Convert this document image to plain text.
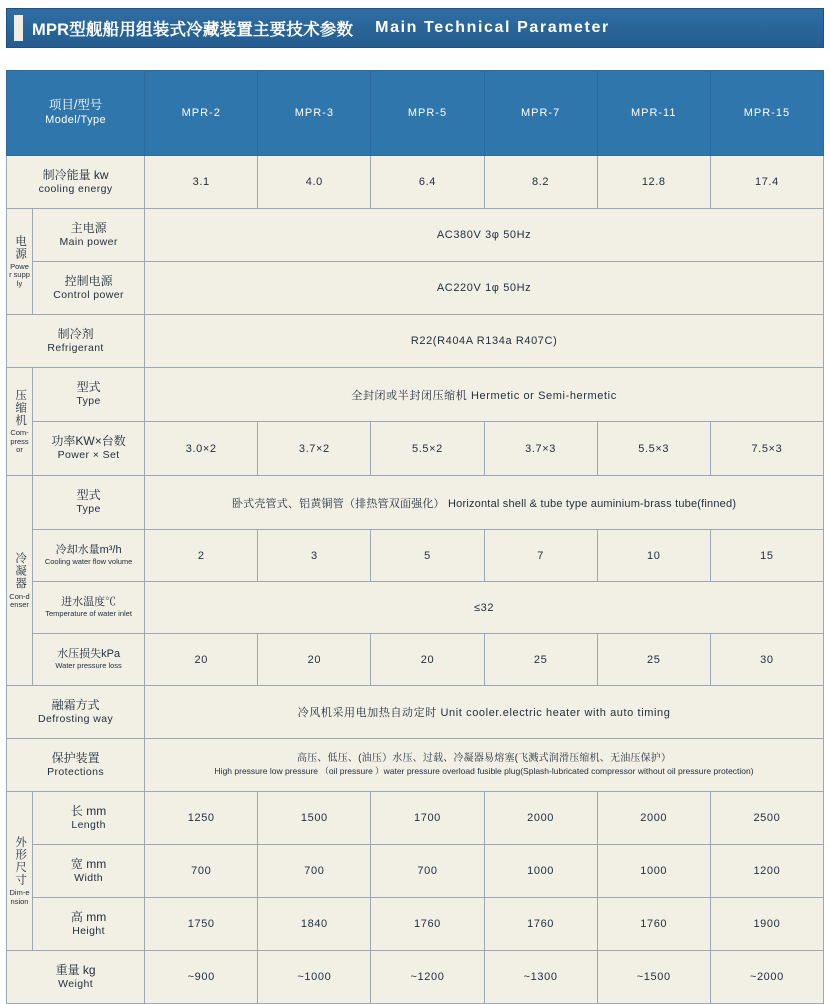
MPR型舰船用组装式冷藏装置主要技术参数 Main Technical Parameter
项目/型号
Model/Type		MPR-2	MPR-3	MPR-5	MPR-7	MPR-11	MPR-15

制冷能量 kw
cooling energy		3.1	4.0	6.4	8.2	12.8	17.4

电源
Power supply	主电源
Main power	AC380V 3φ 50Hz					

	控制电源
Control power	AC220V 1φ 50Hz					

制冷剂
Refrigerant		R22(R404A R134a R407C)					

压缩机
Com-pressor	型式
Type	全封闭或半封闭压缩机 Hermetic or Semi-hermetic					

	功率KW×台数
Power × Set	3.0×2	3.7×2	5.5×2	3.7×3	5.5×3	7.5×3

冷凝器
Con-denser	型式
Type	卧式壳管式、铝黄铜管（排热管双面强化） Horizontal shell & tube type auminium-brass tube(finned)					

	冷却水量m³/h
Cooling water flow volume	2	3	5	7	10	15

	进水温度℃
Temperature of water inlet	≤32					

	水压损失kPa
Water pressure loss	20	20	20	25	25	30

融霜方式
Defrosting way		冷风机采用电加热自动定时 Unit cooler.electric heater with auto timing					

保护装置
Protections		高压、低压、(油压）水压、过载、冷凝器易熔塞(飞溅式润滑压缩机、无油压保护）
High pressure low pressure （oil pressure ）water pressure overload fusible plug(Splash-lubricated compressor without oil pressure protection)					

外形尺寸
Dim-ension	长 mm
Length	1250	1500	1700	2000	2000	2500

	宽 mm
Width	700	700	700	1000	1000	1200

	高 mm
Height	1750	1840	1760	1760	1760	1900

重量 kg
Weight		~900	~1000	~1200	~1300	~1500	~2000
